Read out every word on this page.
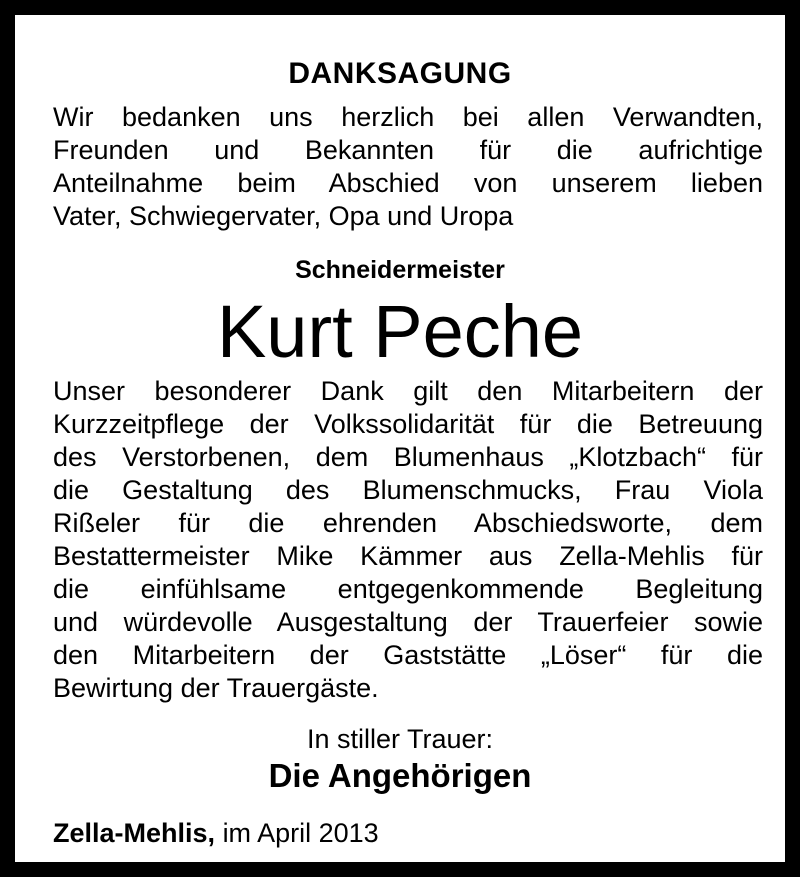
DANKSAGUNG
Wir bedanken uns herzlich bei allen Verwandten,
Freunden und Bekannten für die aufrichtige
Anteilnahme beim Abschied von unserem lieben
Vater, Schwiegervater, Opa und Uropa
Schneidermeister
Kurt Peche
Unser besonderer Dank gilt den Mitarbeitern der
Kurzzeitpflege der Volkssolidarität für die Betreuung
des Verstorbenen, dem Blumenhaus „Klotzbach“ für
die Gestaltung des Blumenschmucks, Frau Viola
Rißeler für die ehrenden Abschiedsworte, dem
Bestattermeister Mike Kämmer aus Zella-Mehlis für
die einfühlsame entgegenkommende Begleitung
und würdevolle Ausgestaltung der Trauerfeier sowie
den Mitarbeitern der Gaststätte „Löser“ für die
Bewirtung der Trauergäste.
In stiller Trauer:
Die Angehörigen
Zella-Mehlis, im April 2013
